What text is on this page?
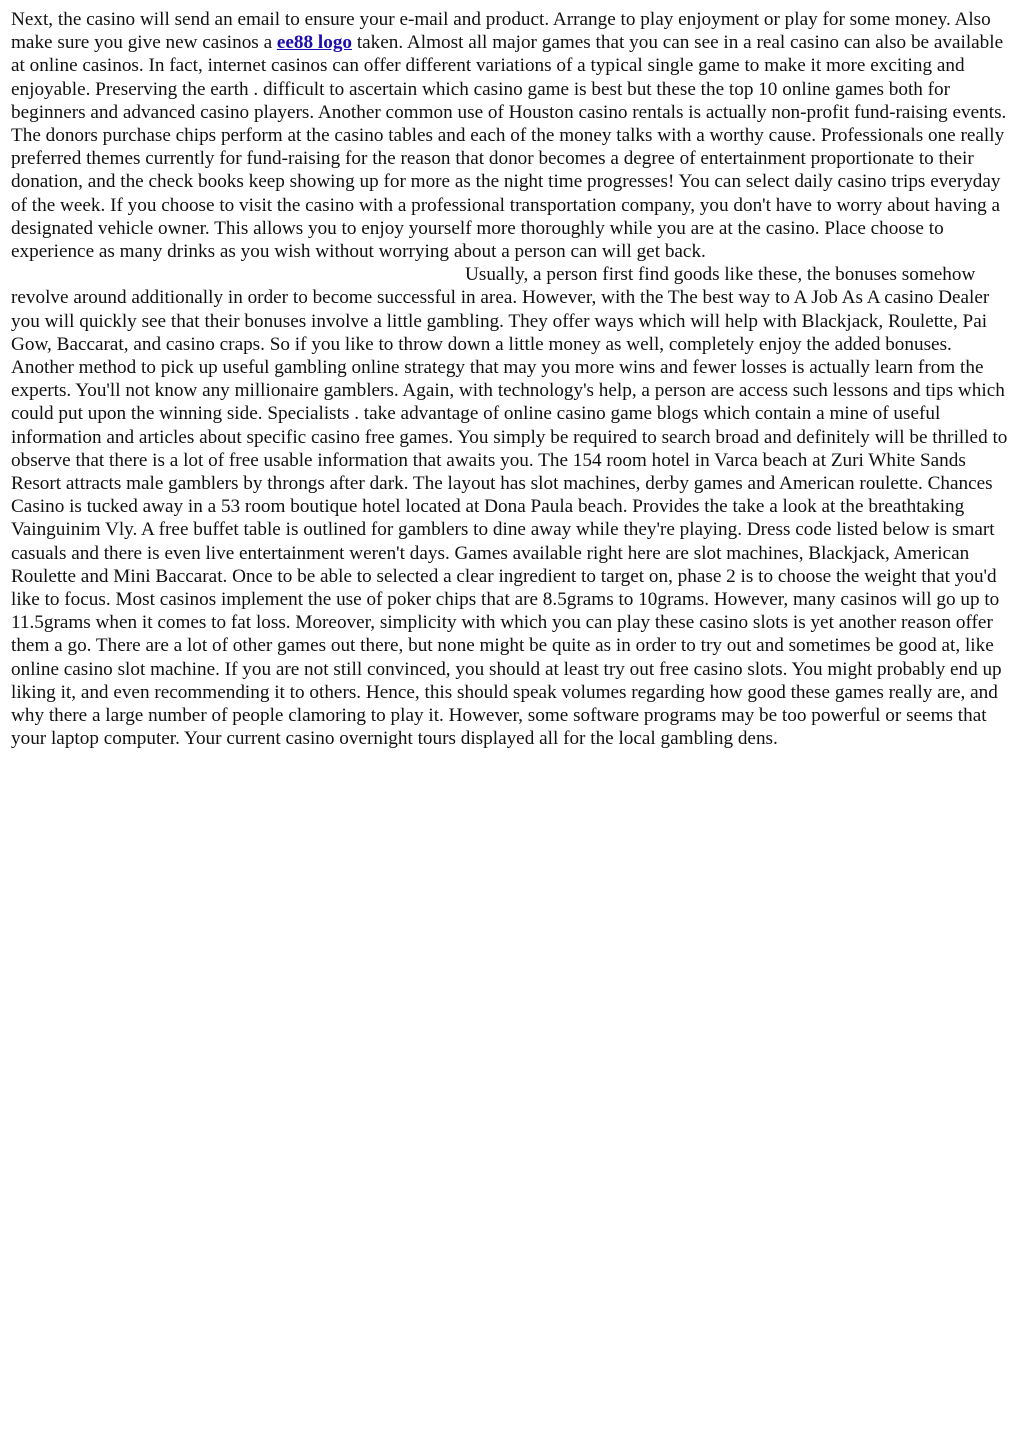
Next, the casino will send an email to ensure your e-mail and product. Arrange to play enjoyment or play for some money. Also make sure you give new casinos a ee88 logo taken. Almost all major games that you can see in a real casino can also be available at online casinos. In fact, internet casinos can offer different variations of a typical single game to make it more exciting and enjoyable. Preserving the earth . difficult to ascertain which casino game is best but these the top 10 online games both for beginners and advanced casino players. Another common use of Houston casino rentals is actually non-profit fund-raising events. The donors purchase chips perform at the casino tables and each of the money talks with a worthy cause. Professionals one really preferred themes currently for fund-raising for the reason that donor becomes a degree of entertainment proportionate to their donation, and the check books keep showing up for more as the night time progresses! You can select daily casino trips everyday of the week. If you choose to visit the casino with a professional transportation company, you don't have to worry about having a designated vehicle owner. This allows you to enjoy yourself more thoroughly while you are at the casino. Place choose to experience as many drinks as you wish without worrying about a person can will get back.Usually, a person first find goods like these, the bonuses somehow revolve around additionally in order to become successful in area. However, with the The best way to A Job As A casino Dealer you will quickly see that their bonuses involve a little gambling. They offer ways which will help with Blackjack, Roulette, Pai Gow, Baccarat, and casino craps. So if you like to throw down a little money as well, completely enjoy the added bonuses. Another method to pick up useful gambling online strategy that may you more wins and fewer losses is actually learn from the experts. You'll not know any millionaire gamblers. Again, with technology's help, a person are access such lessons and tips which could put upon the winning side. Specialists . take advantage of online casino game blogs which contain a mine of useful information and articles about specific casino free games. You simply be required to search broad and definitely will be thrilled to observe that there is a lot of free usable information that awaits you. The 154 room hotel in Varca beach at Zuri White Sands Resort attracts male gamblers by throngs after dark. The layout has slot machines, derby games and American roulette. Chances Casino is tucked away in a 53 room boutique hotel located at Dona Paula beach. Provides the take a look at the breathtaking Vainguinim Vly. A free buffet table is outlined for gamblers to dine away while they're playing. Dress code listed below is smart casuals and there is even live entertainment weren't days. Games available right here are slot machines, Blackjack, American Roulette and Mini Baccarat. Once to be able to selected a clear ingredient to target on, phase 2 is to choose the weight that you'd like to focus. Most casinos implement the use of poker chips that are 8.5grams to 10grams. However, many casinos will go up to 11.5grams when it comes to fat loss. Moreover, simplicity with which you can play these casino slots is yet another reason offer them a go. There are a lot of other games out there, but none might be quite as in order to try out and sometimes be good at, like online casino slot machine. If you are not still convinced, you should at least try out free casino slots. You might probably end up liking it, and even recommending it to others. Hence, this should speak volumes regarding how good these games really are, and why there a large number of people clamoring to play it. However, some software programs may be too powerful or seems that your laptop computer. Your current casino overnight tours displayed all for the local gambling dens.
